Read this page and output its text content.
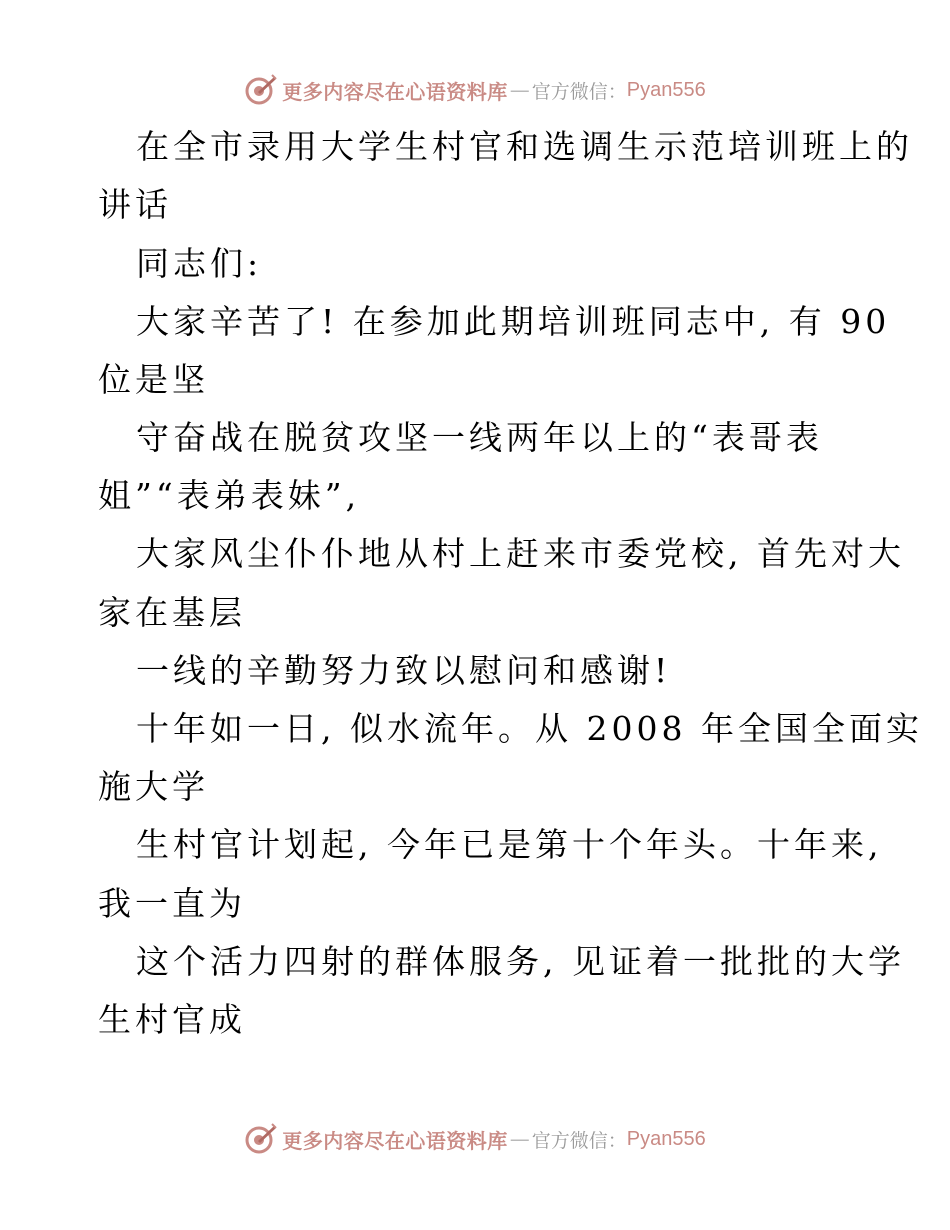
更多内容尽在心语资料库 — 官方微信： Pyan556
在全市录用大学生村官和选调生示范培训班上的
讲话
同志们:
大家辛苦了! 在参加此期培训班同志中, 有 90
位是坚
守奋战在脱贫攻坚一线两年以上的“表哥表
姐”“表弟表妹”,
大家风尘仆仆地从村上赶来市委党校, 首先对大
家在基层
一线的辛勤努力致以慰问和感谢!
十年如一日, 似水流年。从 2008 年全国全面实
施大学
生村官计划起, 今年已是第十个年头。十年来,
我一直为
这个活力四射的群体服务, 见证着一批批的大学
生村官成
更多内容尽在心语资料库 — 官方微信： Pyan556
